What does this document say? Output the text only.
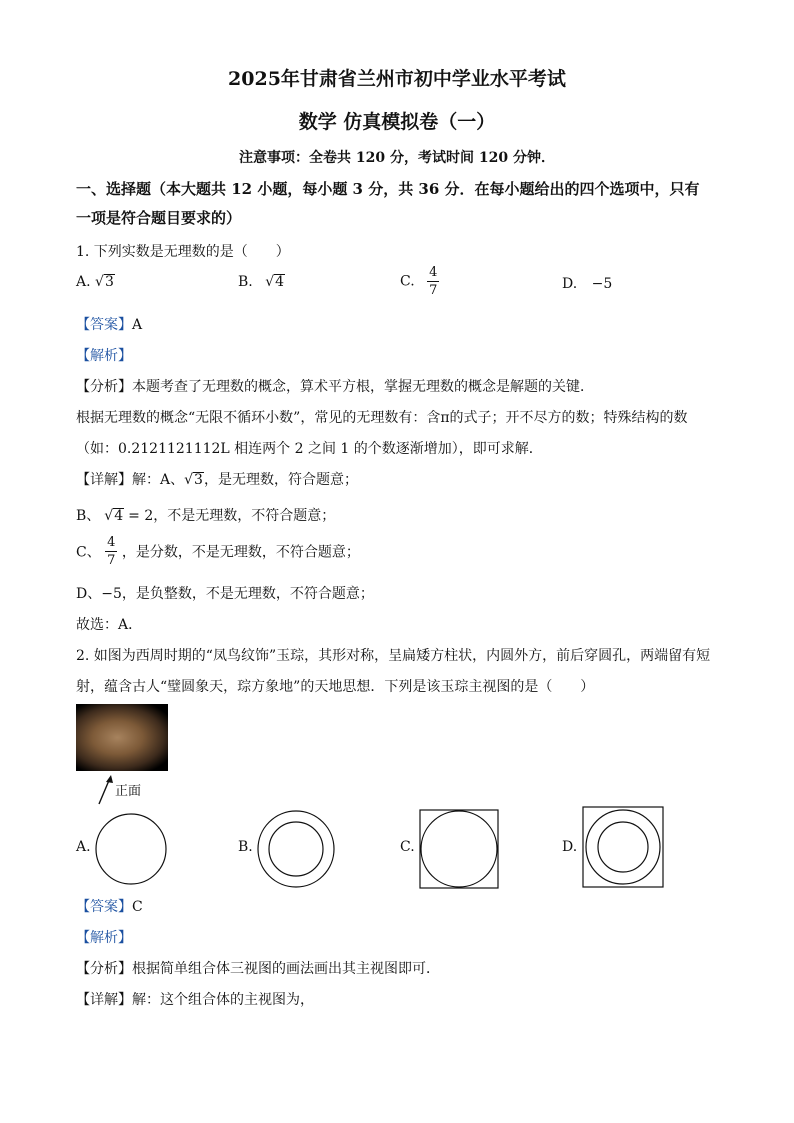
2025年甘肃省兰州市初中学业水平考试
数学 仿真模拟卷（一）
注意事项：全卷共 120 分，考试时间 120 分钟．
一、选择题（本大题共 12 小题，每小题 3 分，共 36 分．在每小题给出的四个选项中，只有
一项是符合题目要求的）
1. 下列实数是无理数的是（　　）
A. √ 3	B. √ 4	C. $\frac{4}{7}$	D. −5
【答案】A
【解析】
【分析】本题考查了无理数的概念，算术平方根，掌握无理数的概念是解题的关键．
根据无理数的概念“无限不循环小数”，常见的无理数有：含π的式子；开不尽方的数；特殊结构的数
（如：0.2121121112L 相连两个 2 之间 1 的个数逐渐增加），即可求解．
【详解】解：A、√ 3 ，是无理数，符合题意；
B、 √ 4 = 2，不是无理数，不符合题意；
C、 $\frac{4}{7}$ ，是分数，不是无理数，不符合题意；
D、−5，是负整数，不是无理数，不符合题意；
故选：A．
2. 如图为西周时期的“凤鸟纹饰”玉琮，其形对称，呈扁矮方柱状，内圆外方，前后穿圆孔，两端留有短
射，蕴含古人“璧圆象天，琮方象地”的天地思想．下列是该玉琮主视图的是（　　）
正面
A.	B.	C.	D.
【答案】C
【解析】
【分析】根据简单组合体三视图的画法画出其主视图即可．
【详解】解：这个组合体的主视图为，
